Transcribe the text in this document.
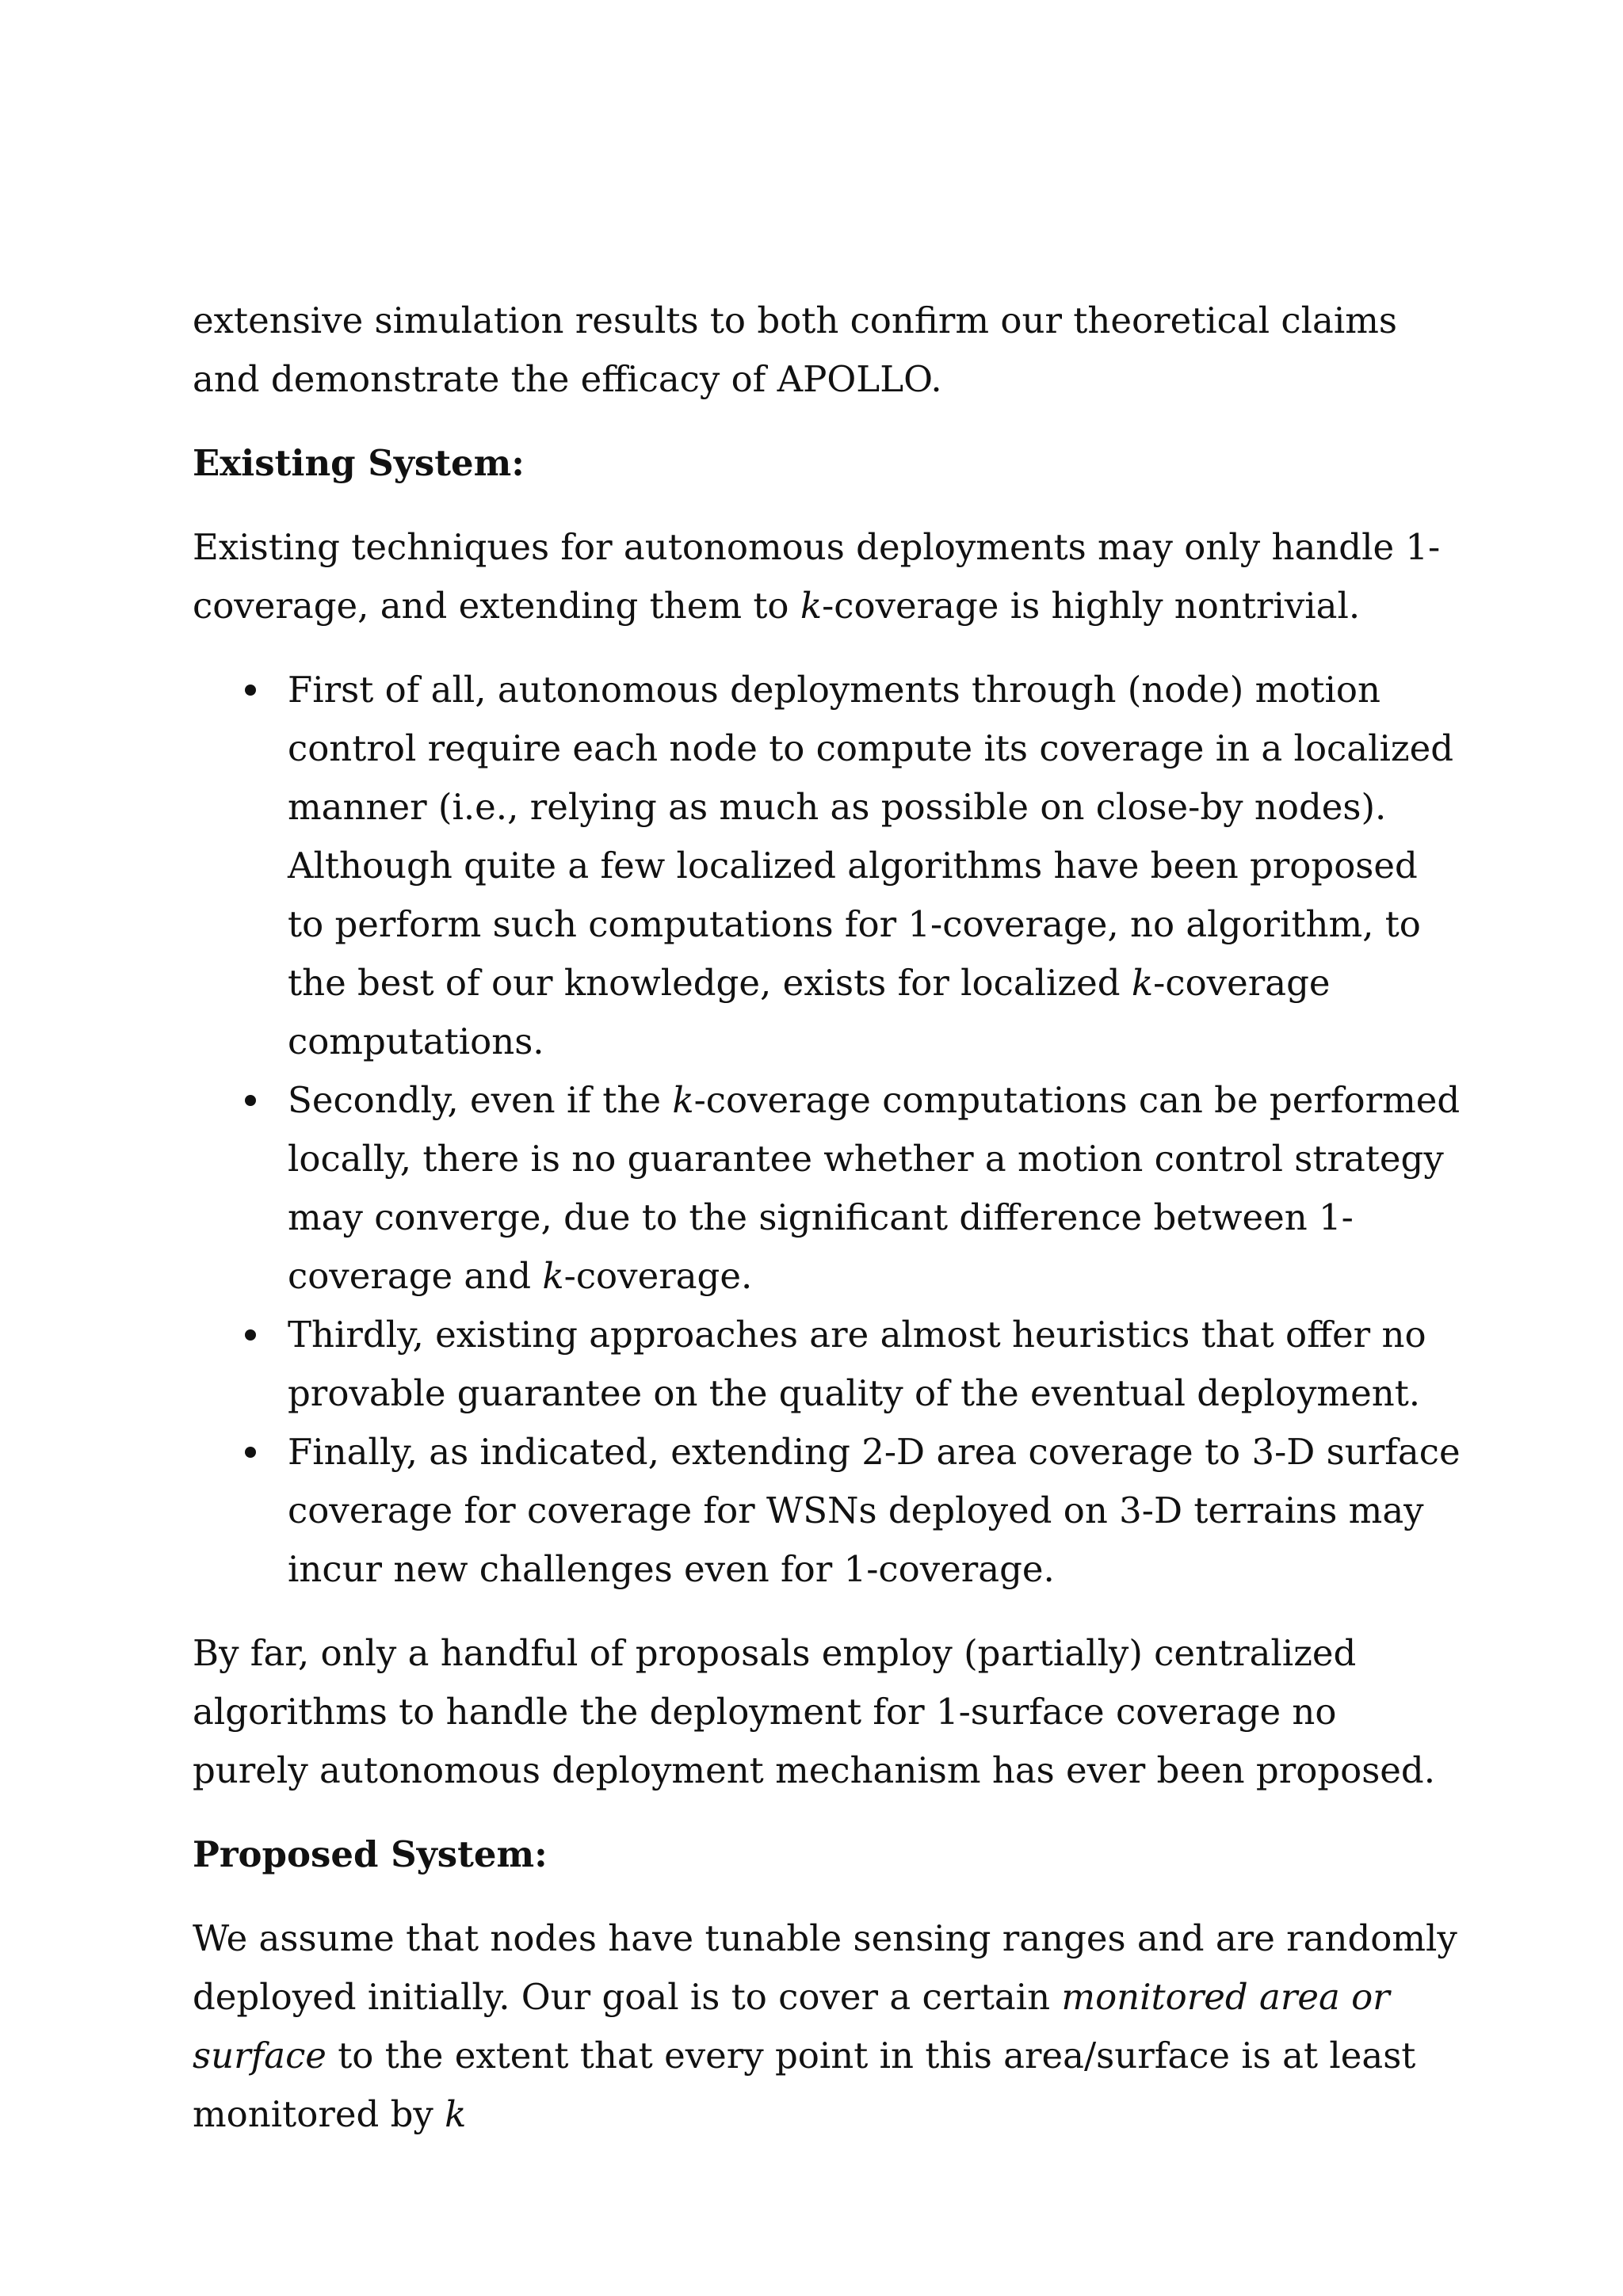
extensive simulation results to both confirm our theoretical claims and demonstrate the efficacy of APOLLO.

Existing System:

Existing techniques for autonomous deployments may only handle 1-coverage, and extending them to k-coverage is highly nontrivial.

First of all, autonomous deployments through (node) motion control require each node to compute its coverage in a localized manner (i.e., relying as much as possible on close-by nodes). Although quite a few localized algorithms have been proposed to perform such computations for 1-coverage, no algorithm, to the best of our knowledge, exists for localized k-coverage computations.
Secondly, even if the k-coverage computations can be performed locally, there is no guarantee whether a motion control strategy may converge, due to the significant difference between 1-coverage and k-coverage.
Thirdly, existing approaches are almost heuristics that offer no provable guarantee on the quality of the eventual deployment.
Finally, as indicated, extending 2-D area coverage to 3-D surface coverage for coverage for WSNs deployed on 3-D terrains may incur new challenges even for 1-coverage.

By far, only a handful of proposals employ (partially) centralized algorithms to handle the deployment for 1-surface coverage no purely autonomous deployment mechanism has ever been proposed.

Proposed System:

We assume that nodes have tunable sensing ranges and are randomly deployed initially. Our goal is to cover a certain monitored area or surface to the extent that every point in this area/surface is at least monitored by k
